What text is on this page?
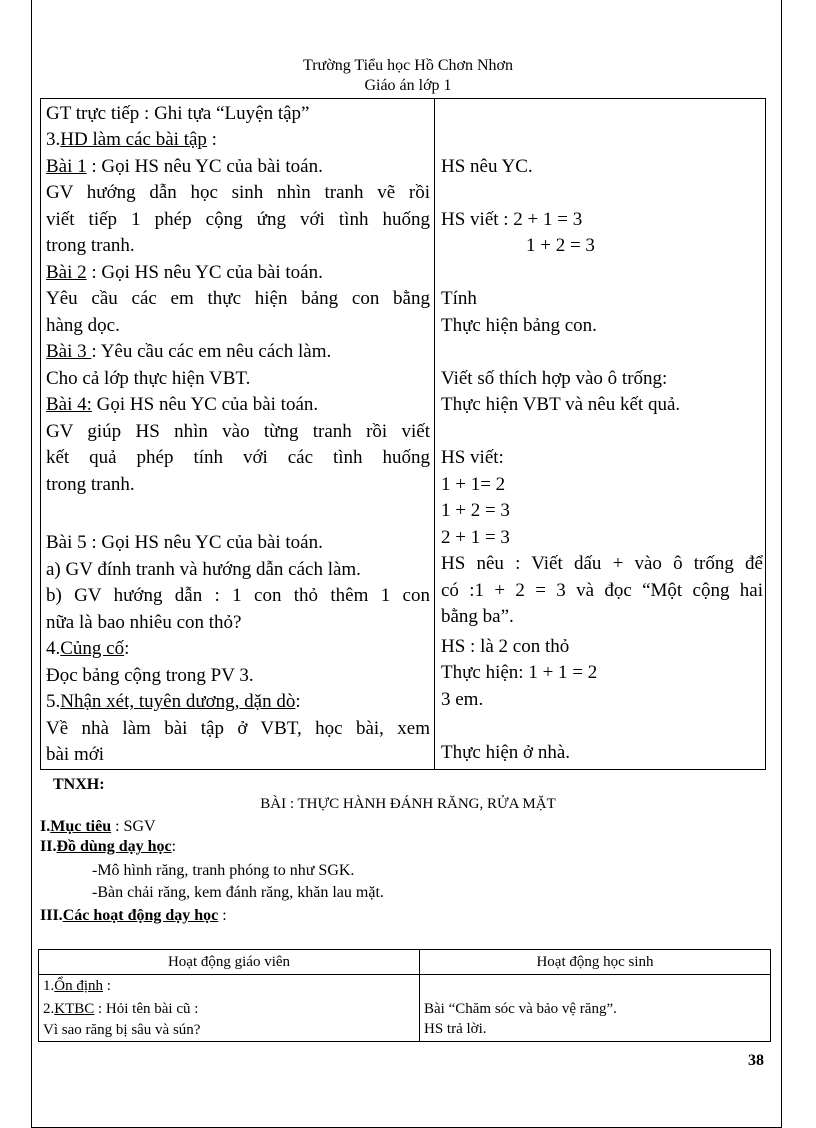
Trường Tiểu học Hồ Chơn Nhơn
Giáo án lớp 1
GT trực tiếp : Ghi tựa “Luyện tập”
3.HD làm các bài tập :
Bài 1 : Gọi HS nêu YC của bài toán.
GV hướng dẫn học sinh nhìn tranh vẽ rồi
viết tiếp 1 phép cộng ứng với tình huống
trong tranh.
Bài 2 : Gọi HS nêu YC của bài toán.
Yêu cầu các em thực hiện bảng con bằng
hàng dọc.
Bài 3 : Yêu cầu các em nêu cách làm.
Cho cả lớp thực hiện VBT.
Bài 4: Gọi HS nêu YC của bài toán.
GV giúp HS nhìn vào từng tranh rồi viết
kết quả phép tính với các tình huống
trong tranh.
Bài 5 : Gọi HS nêu YC của bài toán.
a) GV đính tranh và hướng dẫn cách làm.
b) GV hướng dẫn : 1 con thỏ thêm 1 con
nữa là bao nhiêu con thỏ?
4.Củng cố:
Đọc bảng cộng trong PV 3.
5.Nhận xét, tuyên dương, dặn dò:
Về nhà làm bài tập ở VBT, học bài, xem
bài mới
HS nêu YC.
HS viết : 2 + 1 = 3
1 + 2 = 3
Tính
Thực hiện bảng con.
Viết số thích hợp vào ô trống:
Thực hiện VBT và nêu kết quả.
HS viết:
1 + 1= 2
1 + 2 = 3
2 + 1 = 3
HS nêu : Viết dấu + vào ô trống để
có :1 + 2 = 3 và đọc “Một cộng hai
bằng ba”.
HS : là 2 con thỏ
Thực hiện: 1 + 1 = 2
3 em.
Thực hiện ở nhà.
TNXH:
BÀI : THỰC HÀNH ĐÁNH RĂNG, RỬA MẶT
I.Mục tiêu : SGV
II.Đồ dùng dạy học:
-Mô hình răng, tranh phóng to như SGK.
-Bàn chải răng, kem đánh răng, khăn lau mặt.
III.Các hoạt động dạy học :
Hoạt động giáo viên	Hoạt động học sinh
1.Ổn định :
2.KTBC : Hỏi tên bài cũ :
Vì sao răng bị sâu và sún?
Bài “Chăm sóc và bảo vệ răng”.
HS trả lời.
38
